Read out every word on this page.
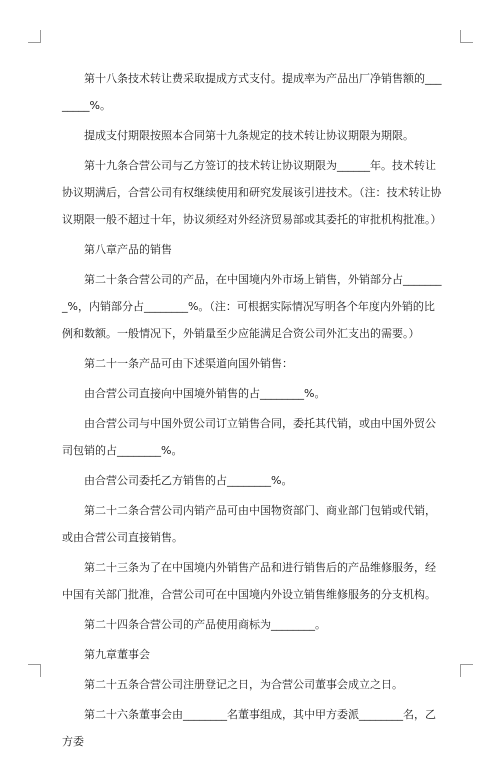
第十八条技术转让费采取提成方式支付。提成率为产品出厂净销售额的________%。

提成支付期限按照本合同第十九条规定的技术转让协议期限为期限。

第十九条合营公司与乙方签订的技术转让协议期限为______年。技术转让协议期满后，合营公司有权继续使用和研究发展该引进技术。（注：技术转让协议期限一般不超过十年，协议须经对外经济贸易部或其委托的审批机构批准。）

第八章产品的销售

第二十条合营公司的产品，在中国境内外市场上销售，外销部分占________%，内销部分占________%。（注：可根据实际情况写明各个年度内外销的比例和数额。一般情况下，外销量至少应能满足合资公司外汇支出的需要。）

第二十一条产品可由下述渠道向国外销售：

由合营公司直接向中国境外销售的占________%。

由合营公司与中国外贸公司订立销售合同，委托其代销，或由中国外贸公司包销的占________%。

由合营公司委托乙方销售的占________%。

第二十二条合营公司内销产品可由中国物资部门、商业部门包销或代销，或由合营公司直接销售。

第二十三条为了在中国境内外销售产品和进行销售后的产品维修服务，经中国有关部门批准，合营公司可在中国境内外设立销售维修服务的分支机构。

第二十四条合营公司的产品使用商标为________。

第九章董事会

第二十五条合营公司注册登记之日，为合营公司董事会成立之日。

第二十六条董事会由________名董事组成，其中甲方委派________名，乙方委
